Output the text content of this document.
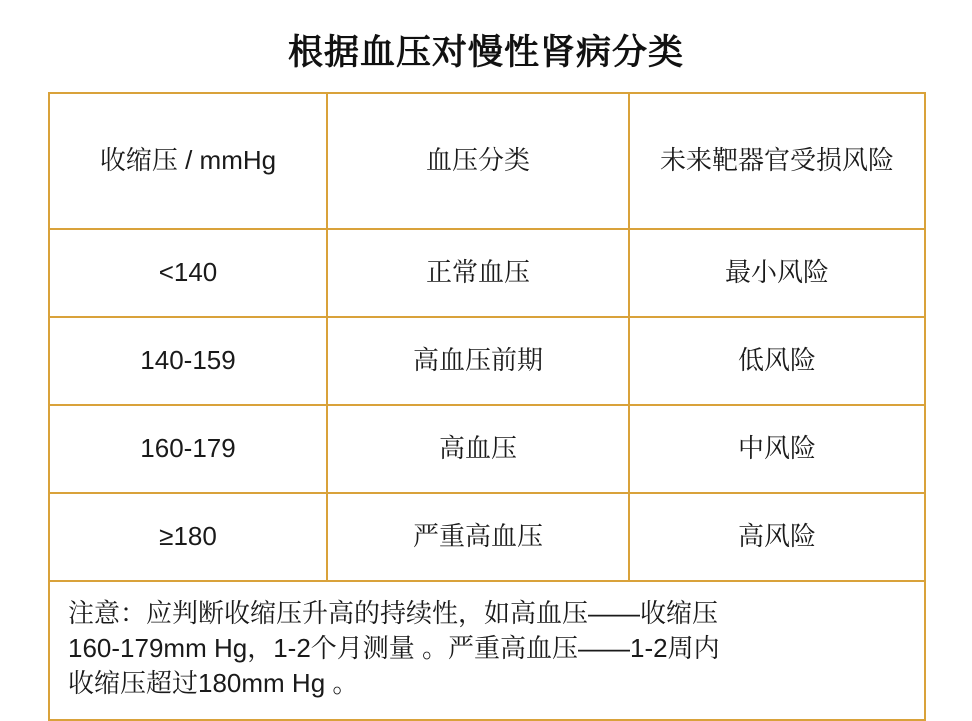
根据血压对慢性肾病分类
收缩压 / mmHg	血压分类	未来靶器官受损风险
<140	正常血压	最小风险
140-159	高血压前期	低风险
160-179	高血压	中风险
≥180	严重高血压	高风险

注意：应判断收缩压升高的持续性，如高血压——收缩压

160-179mm Hg，1-2个月测量 。严重高血压——1-2周内

收缩压超过180mm Hg 。		
